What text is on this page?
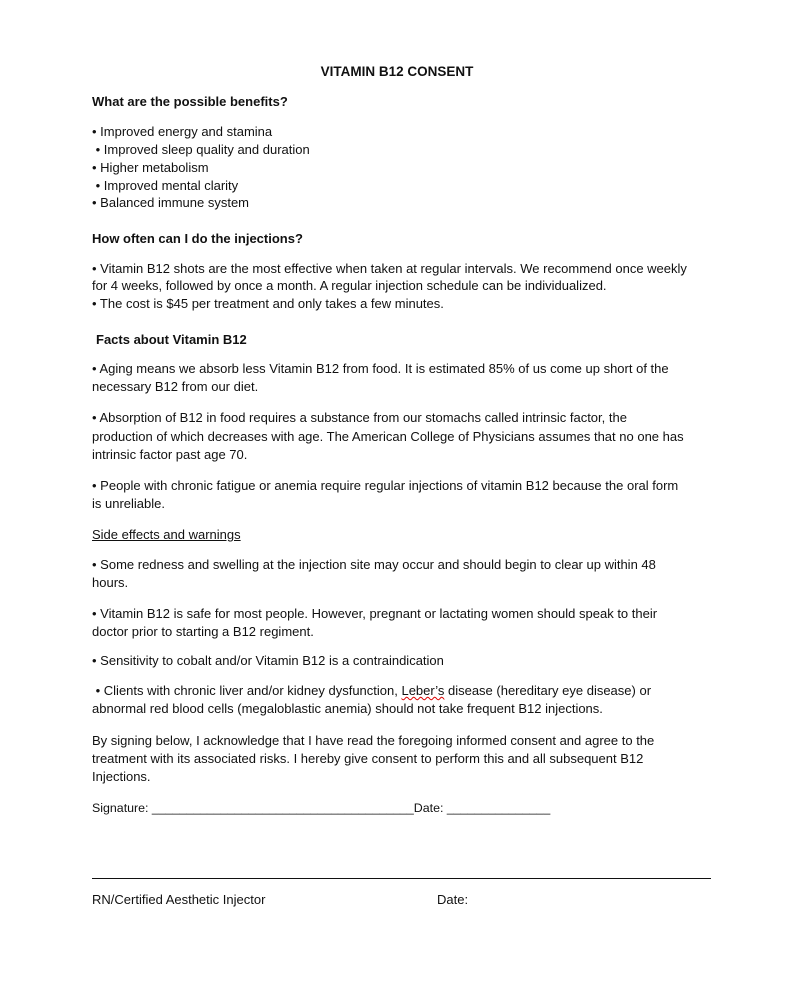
VITAMIN B12 CONSENT
What are the possible benefits?
• Improved energy and stamina
• Improved sleep quality and duration
• Higher metabolism
• Improved mental clarity
• Balanced immune system
How often can I do the injections?
• Vitamin B12 shots are the most effective when taken at regular intervals. We recommend once weekly
for 4 weeks, followed by once a month. A regular injection schedule can be individualized.
• The cost is $45 per treatment and only takes a few minutes.
Facts about Vitamin B12
• Aging means we absorb less Vitamin B12 from food. It is estimated 85% of us come up short of the
necessary B12 from our diet.
• Absorption of B12 in food requires a substance from our stomachs called intrinsic factor, the
production of which decreases with age. The American College of Physicians assumes that no one has
intrinsic factor past age 70.
• People with chronic fatigue or anemia require regular injections of vitamin B12 because the oral form
is unreliable.
Side effects and warnings
• Some redness and swelling at the injection site may occur and should begin to clear up within 48
hours.
• Vitamin B12 is safe for most people. However, pregnant or lactating women should speak to their
doctor prior to starting a B12 regiment.
• Sensitivity to cobalt and/or Vitamin B12 is a contraindication
• Clients with chronic liver and/or kidney dysfunction, Leber’s disease (hereditary eye disease) or
abnormal red blood cells (megaloblastic anemia) should not take frequent B12 injections.
By signing below, I acknowledge that I have read the foregoing informed consent and agree to the
treatment with its associated risks. I hereby give consent to perform this and all subsequent B12
Injections.
Signature: ______________________________________Date: _______________
RN/Certified Aesthetic Injector	Date:
